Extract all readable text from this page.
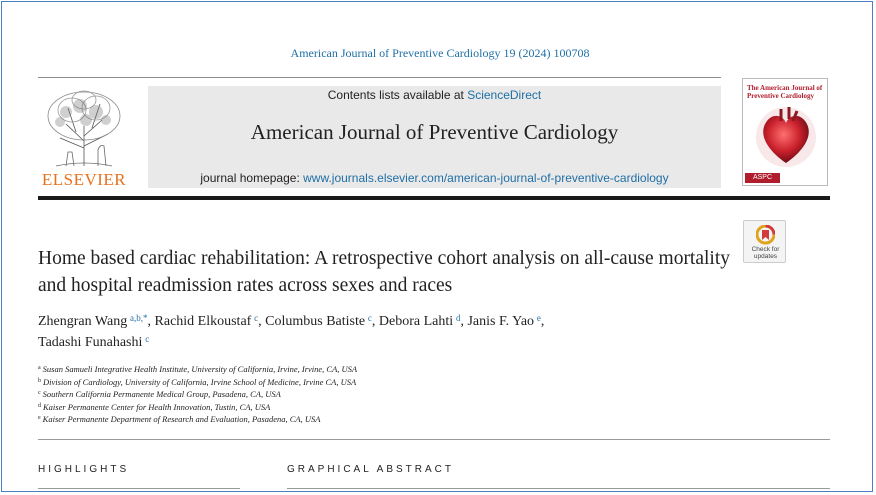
American Journal of Preventive Cardiology 19 (2024) 100708
ELSEVIER
Contents lists available at ScienceDirect
American Journal of Preventive Cardiology
journal homepage: www.journals.elsevier.com/american-journal-of-preventive-cardiology
The American Journal of Preventive Cardiology
ASPC
Check for
updates
Home based cardiac rehabilitation: A retrospective cohort analysis on all-cause mortality and hospital readmission rates across sexes and races
Zhengran Wang  $^{a,b,*}$, Rachid Elkoustaf  $^c$, Columbus Batiste  $^c$, Debora Lahti  $^d$, Janis F. Yao  $^e$,
Tadashi Funahashi  $^c$
$^a$ Susan Samueli Integrative Health Institute, University of California, Irvine, Irvine, CA, USA
$^b$ Division of Cardiology, University of California, Irvine School of Medicine, Irvine CA, USA
$^c$ Southern California Permanente Medical Group, Pasadena, CA, USA
$^d$ Kaiser Permanente Center for Health Innovation, Tustin, CA, USA
$^e$ Kaiser Permanente Department of Research and Evaluation, Pasadena, CA, USA
HIGHLIGHTS	GRAPHICAL ABSTRACT
